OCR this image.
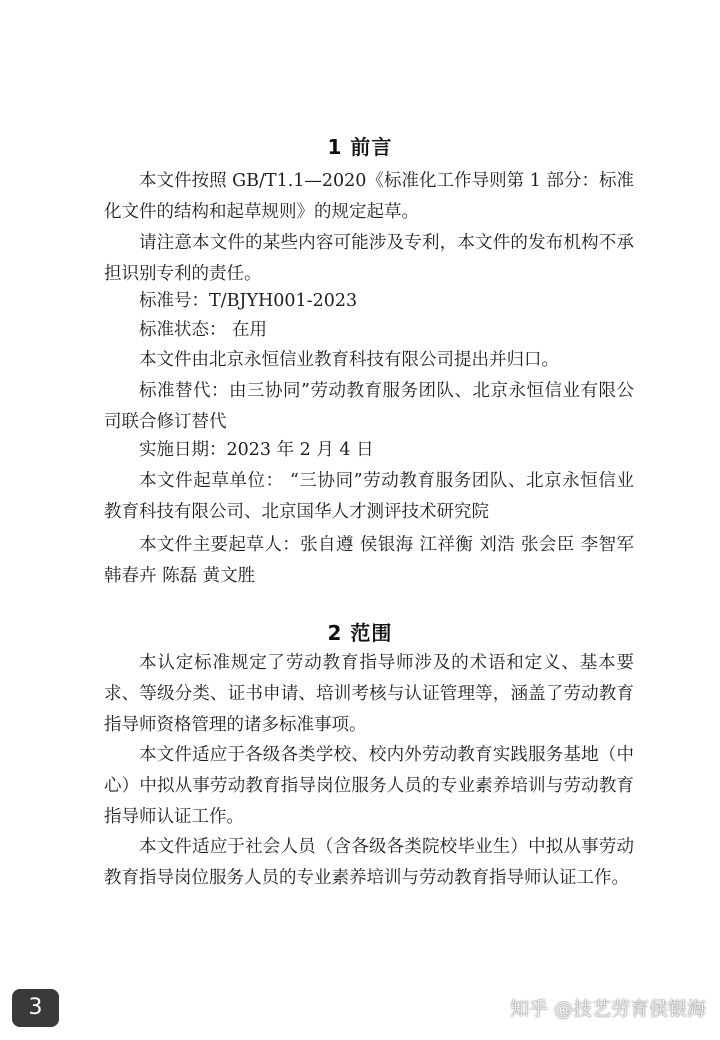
1 前言

本文件按照 GB/T1.1—2020《标准化工作导则第 1 部分：标准化文件的结构和起草规则》的规定起草。

请注意本文件的某些内容可能涉及专利，本文件的发布机构不承担识别专利的责任。

标准号：T/BJYH001-2023

标准状态： 在用

本文件由北京永恒信业教育科技有限公司提出并归口。

标准替代：由三协同”劳动教育服务团队、北京永恒信业有限公司联合修订替代

实施日期：2023 年 2 月 4 日

本文件起草单位： “三协同”劳动教育服务团队、北京永恒信业教育科技有限公司、北京国华人才测评技术研究院

本文件主要起草人：张自遵 侯银海 江祥衡 刘浩 张会臣 李智军 韩春卉 陈磊 黄文胜

2 范围

本认定标准规定了劳动教育指导师涉及的术语和定义、基本要求、等级分类、证书申请、培训考核与认证管理等，涵盖了劳动教育指导师资格管理的诸多标准事项。

本文件适应于各级各类学校、校内外劳动教育实践服务基地（中心）中拟从事劳动教育指导岗位服务人员的专业素养培训与劳动教育指导师认证工作。

本文件适应于社会人员（含各级各类院校毕业生）中拟从事劳动教育指导岗位服务人员的专业素养培训与劳动教育指导师认证工作。

3	知乎 @技艺劳育侯银海
